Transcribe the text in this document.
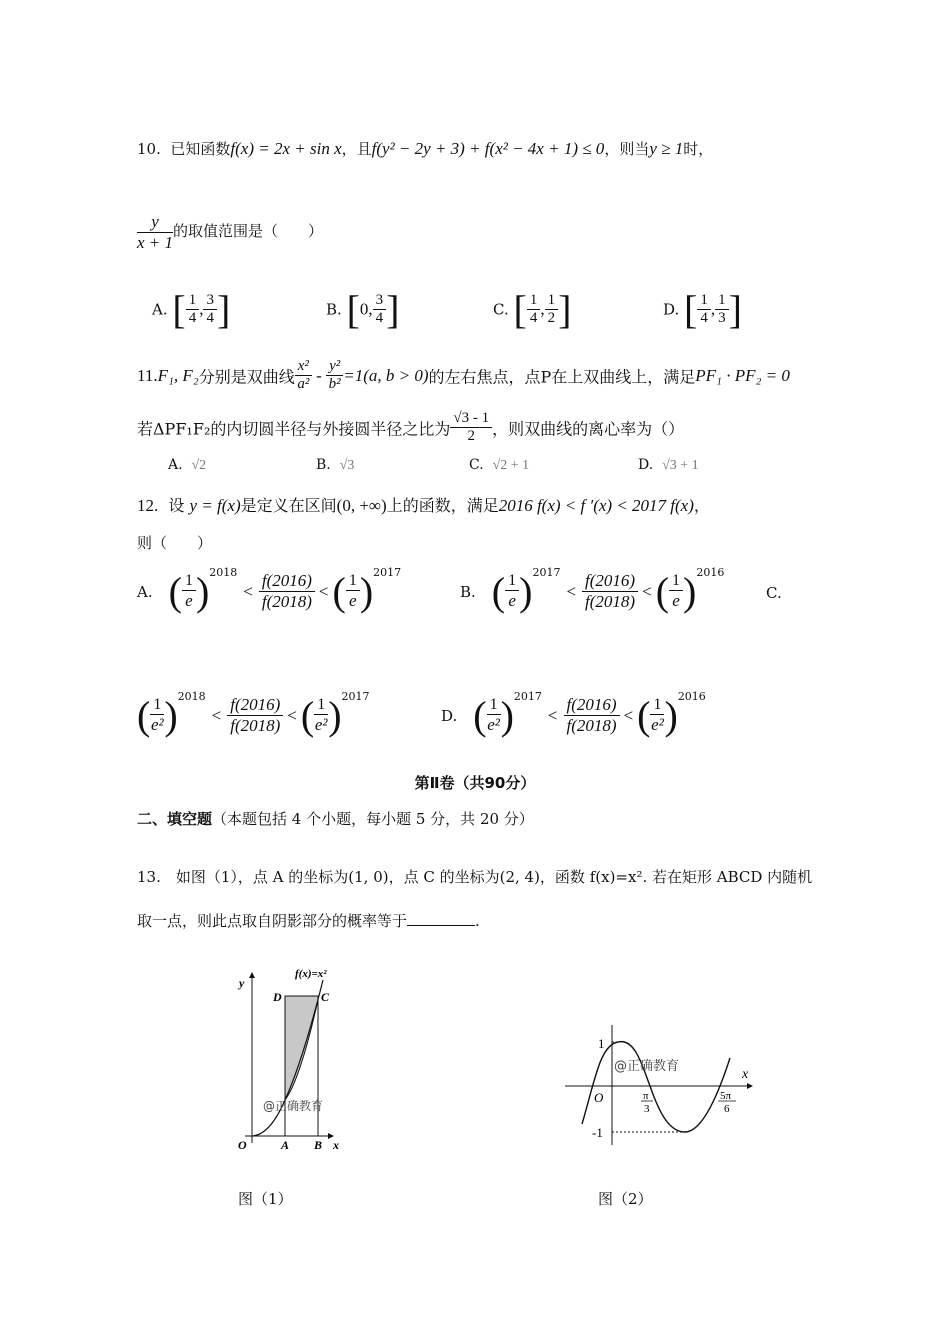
10. 已知函数f(x) = 2x + sin x，且f(y² − 2y + 3) + f(x² − 4x + 1) ≤ 0，则当y ≥ 1时，
$\frac{y}{x + 1}$ 的取值范围是（　　）
A. [ $\frac{1}{4}$ , $\frac{3}{4}$ ]	B. [0, $\frac{3}{4}$ ]	C. [ $\frac{1}{4}$ , $\frac{1}{2}$ ]	D. [ $\frac{1}{4}$ , $\frac{1}{3}$ ]
11.F₁, F₂分别是双曲线 $\frac{\text{x²}}{\text{a²}} - \frac{\text{y²}}{\text{b²}} =1(a$, b > 0)的左右焦点，点P在上双曲线上，满足PF₁ · PF₂ = 0
若ΔPF₁F₂的内切圆半径与外接圆半径之比为 $\frac{√3 - 1}{2}$ ，则双曲线的离心率为（）
A. √2	B. √3	C. √2 + 1	D. √3 + 1
12. 设 y = f(x)是定义在区间(0, +∞)上的函数，满足2016 f(x) < f ′(x) < 2017 f(x)，
则（　　）
A. ( $\frac{1}{e} )^{2018}< \frac{f(2016)}{f(2018)}$ < ( $\frac{1}{e} )^{2017}$
B. ( $\frac{1}{e} )^{2017}< \frac{f(2016)}{f(2018)}$ < ( $\frac{1}{e} )^{2016}$
C.
( $\frac{1}{\text{e²}} )^{2018}< \frac{f(2016)}{f(2018)}$ < ( $\frac{1}{\text{e²}} )^{2017}$
D. ( $\frac{1}{\text{e²}} )^{2017}< \frac{f(2016)}{f(2018)}$ < ( $\frac{1}{\text{e²}} )^{2016}$
第Ⅱ卷（共90分）
二、填空题（本题包括 4 个小题，每小题 5 分，共 20 分）
13.　如图（1），点 A 的坐标为(1, 0)，点 C 的坐标为(2, 4)，函数 f(x)=x². 若在矩形 ABCD 内随机
取一点，则此点取自阴影部分的概率等于	.
f(x)=x²
y
D	C
@正确教育
O	A B x
图（1）
1
-1
O
x
@正确教育
π
3
5π
6
图（2）
